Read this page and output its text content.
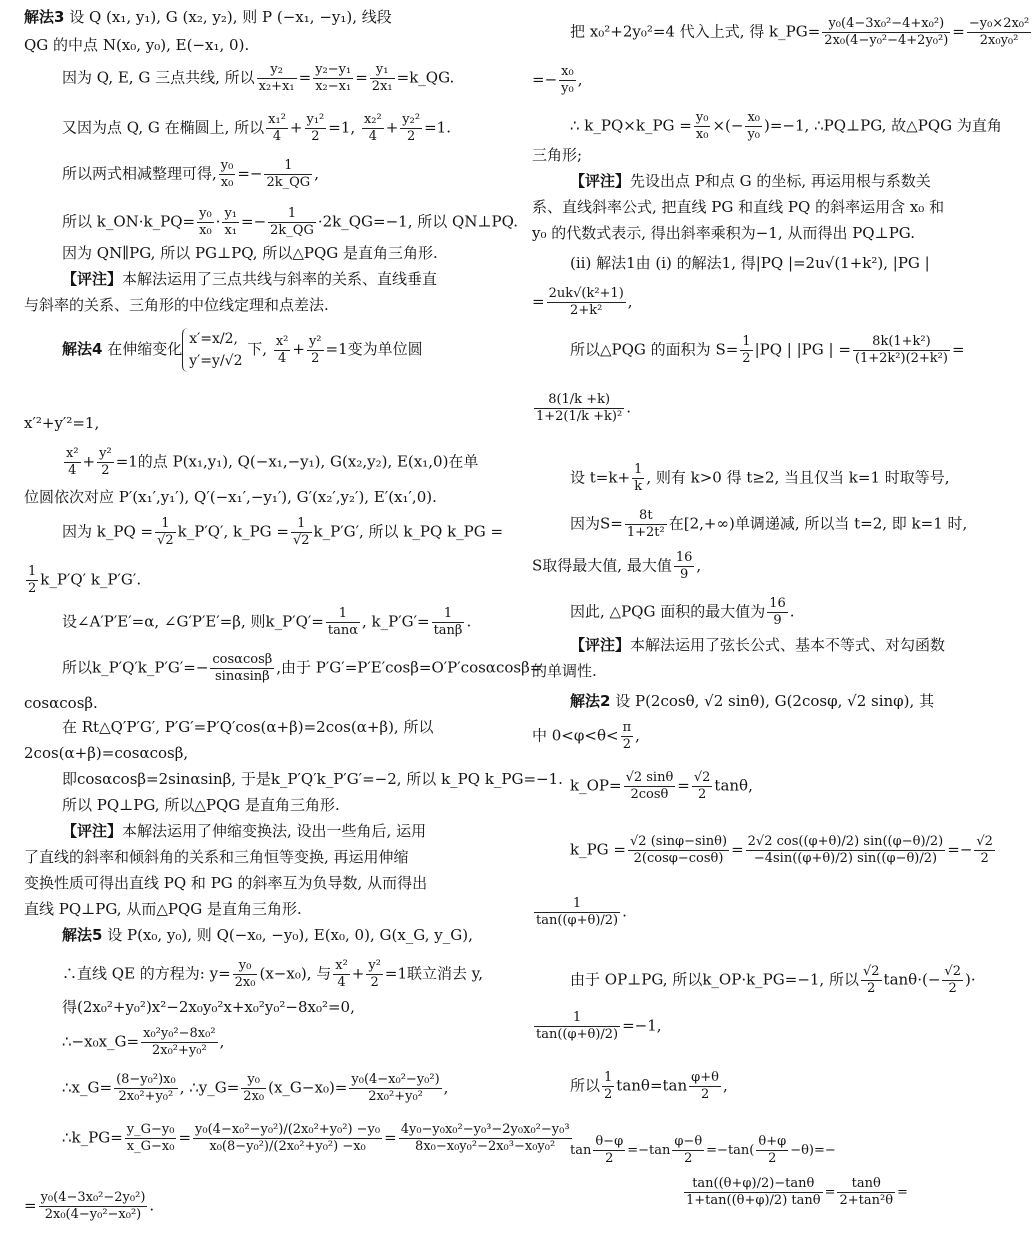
解法3 设 Q (x₁, y₁), G (x₂, y₂), 则 P (−x₁, −y₁), 线段
QG 的中点 N(x₀, y₀), E(−x₁, 0).
因为 Q, E, G 三点共线, 所以 $\frac{\text{y₂}}{\text{x₂+x₁}} = \frac{\text{y₂−y₁}}{\text{x₂−x₁}} = \frac{\text{y₁}}{\text{2x₁}}$ =k_QG.
又因为点 Q, G 在椭圆上, 所以 $\frac{\text{x₁²}}{4} + \frac{\text{y₁²}}{2} =1$, $\frac{\text{x₂²}}{4} + \frac{\text{y₂²}}{2} =1$.
所以两式相减整理可得, $\frac{\text{y₀}}{\text{x₀}} =- \frac{1}{2k\_QG}$ ,
所以 k_ON·k_PQ= $\frac{\text{y₀}}{\text{x₀}} \cdot \frac{\text{y₁}}{\text{x₁}} =- \frac{1}{2k\_QG}$ ·2k_QG=−1, 所以 QN⊥PQ.
因为 QN∥PG, 所以 PG⊥PQ, 所以△PQG 是直角三角形.
【评注】本解法运用了三点共线与斜率的关系、直线垂直
与斜率的关系、三角形的中位线定理和点差法.
解法4 在伸缩变化
x′=x/2,
y′=y/√2
下, $\frac{\text{x²}}{4} + \frac{\text{y²}}{2} =1$变为单位圆
x′²+y′²=1,
$\frac{\text{x²}}{4} + \frac{\text{y²}}{2} =1$的点 P(x₁,y₁), Q(−x₁,−y₁), G(x₂,y₂), E(x₁,0)在单
位圆依次对应 P′(x₁′,y₁′), Q′(−x₁′,−y₁′), G′(x₂′,y₂′), E′(x₁′,0).
因为 k_PQ = $\frac{1}{√2}$ k_P′Q′, k_PG = $\frac{1}{√2}$ k_P′G′, 所以 k_PQ k_PG =
$\frac{1}{2}$ k_P′Q′ k_P′G′.
设∠A′P′E′=α, ∠G′P′E′=β, 则k_P′Q′= $\frac{1}{\tan\alpha}$ , k_P′G′= $\frac{1}{\tan\beta}$ .
所以k_P′Q′k_P′G′=− $\frac{\cos\alpha\cos\beta}{\sin\alpha\sin\beta}$ ,由于 P′G′=P′E′cosβ=O′P′cosαcosβ=
cosαcosβ.
在 Rt△Q′P′G′, P′G′=P′Q′cos(α+β)=2cos(α+β), 所以
2cos(α+β)=cosαcosβ,
即cosαcosβ=2sinαsinβ, 于是k_P′Q′k_P′G′=−2, 所以 k_PQ k_PG=−1.
所以 PQ⊥PG, 所以△PQG 是直角三角形.
【评注】本解法运用了伸缩变换法, 设出一些角后, 运用
了直线的斜率和倾斜角的关系和三角恒等变换, 再运用伸缩
变换性质可得出直线 PQ 和 PG 的斜率互为负导数, 从而得出
直线 PQ⊥PG, 从而△PQG 是直角三角形.
解法5 设 P(x₀, y₀), 则 Q(−x₀, −y₀), E(x₀, 0), G(x_G, y_G),
∴直线 QE 的方程为: $y= \frac{\text{y₀}}{\text{2x₀}} (x-x_0)$, 与 $\frac{\text{x²}}{4} + \frac{\text{y²}}{2} =1$联立消去 y,
得(2x₀²+y₀²)x²−2x₀y₀²x+x₀²y₀²−8x₀²=0,
∴−x₀x_G= $\frac{\text{x₀²y₀²−8x₀²}}{\text{2x₀²+y₀²}}$ ,
∴x_G= $\frac{\text{(8−y₀²)x₀}}{\text{2x₀²+y₀²}}$ , ∴y_G= $\frac{\text{y₀}}{\text{2x₀}}$ (x_G−x₀)= $\frac{\text{y₀(4−x₀²−y₀²)}}{\text{2x₀²+y₀²}}$ ,
∴k_PG= $\frac{\text{y\_G−y₀}}{\text{x\_G−x₀}} = \frac{\text{y₀(4−x₀²−y₀²)/(2x₀²+y₀²) −y₀}}{\text{x₀(8−y₀²)/(2x₀²+y₀²) −x₀}} = \frac{\text{4y₀−y₀x₀²−y₀³−2y₀x₀²−y₀³}}{\text{8x₀−x₀y₀²−2x₀³−x₀y₀²}}$
= $\frac{\text{y₀(4−3x₀²−2y₀²)}}{\text{2x₀(4−y₀²−x₀²)}}$ .
把 x₀²+2y₀²=4 代入上式, 得 k_PG= $\frac{\text{y₀(4−3x₀²−4+x₀²)}}{\text{2x₀(4−y₀²−4+2y₀²)}} = \frac{\text{−y₀×2x₀²}}{\text{2x₀y₀²}}$
=− $\frac{\text{x₀}}{\text{y₀}}$ ,
∴ k_PQ×k_PG = $\frac{\text{y₀}}{\text{x₀}}$ ×(− $\frac{\text{x₀}}{\text{y₀}} )=-1$, ∴PQ⊥PG, 故△PQG 为直角
三角形;
【评注】先设出点 P和点 G 的坐标, 再运用根与系数关
系、直线斜率公式, 把直线 PG 和直线 PQ 的斜率运用含 x₀ 和
y₀ 的代数式表示, 得出斜率乘积为−1, 从而得出 PQ⊥PG.
(ii) 解法1由 (i) 的解法1, 得|PQ |=2u√(1+k²), |PG |
= $\frac{\text{2uk√(k²+1)}}{\text{2+k²}}$ ,
所以△PQG 的面积为 $S= \frac{1}{2} |PQ$ | |PG | = $\frac{\text{8k(1+k²)}}{\text{(1+2k²)(2+k²)}}$ =
$\frac{8(1/k +k)}{\text{1+2(1/k +k)²}}$ .
设 $t=k+ \frac{1}{k}$ , 则有 k>0 得 t≥2, 当且仅当 k=1 时取等号,
因为$S= \frac{8t}{\text{1+2t²}}$ 在[2,+∞)单调递减, 所以当 t=2, 即 k=1 时,
S取得最大值, 最大值 $\frac{16}{9}$ ,
因此, △PQG 面积的最大值为 $\frac{16}{9}$ .
【评注】本解法运用了弦长公式、基本不等式、对勾函数
的单调性.
解法2 设 P(2cosθ, √2 sinθ), G(2cosφ, √2 sinφ), 其
中 $0<\varphi<\theta< \frac{\pi}{2}$ ,
k_OP= $\frac{√2 \sin\theta}{2\cos\theta} = \frac{√2}{2} \tan\theta$,
k_PG = $\frac{√2 (\sin\varphi-\sin\theta)}{2(\cos\varphi-\cos\theta)} = \frac{2√2 \cos((\varphi+\theta)/2) \sin((\varphi-\theta)/2)}{-4\sin((\varphi+\theta)/2) \sin((\varphi-\theta)/2)} =- \frac{√2}{2}$
$\frac{1}{\tan((\varphi+\theta)/2)}$ .
由于 OP⊥PG, 所以k_OP·k_PG=−1, 所以 $\frac{√2}{2} \tan\theta\cdot(- \frac{√2}{2}$ )·
$\frac{1}{\tan((\varphi+\theta)/2)} =-1$,
所以 $\frac{1}{2} \tan\theta=\tan \frac{\varphi+\theta}{2}$ ,
$\tan \frac{\theta-\varphi}{2} =-\tan \frac{\varphi-\theta}{2} =-\tan( \frac{\theta+\varphi}{2} -\theta)=-$
$\frac{\tan((\theta+\varphi)/2)-\tan\theta}{1+\tan((\theta+\varphi)/2) \tan\theta} = \frac{\tan\theta}{\text{2+tan²θ}}$ =
